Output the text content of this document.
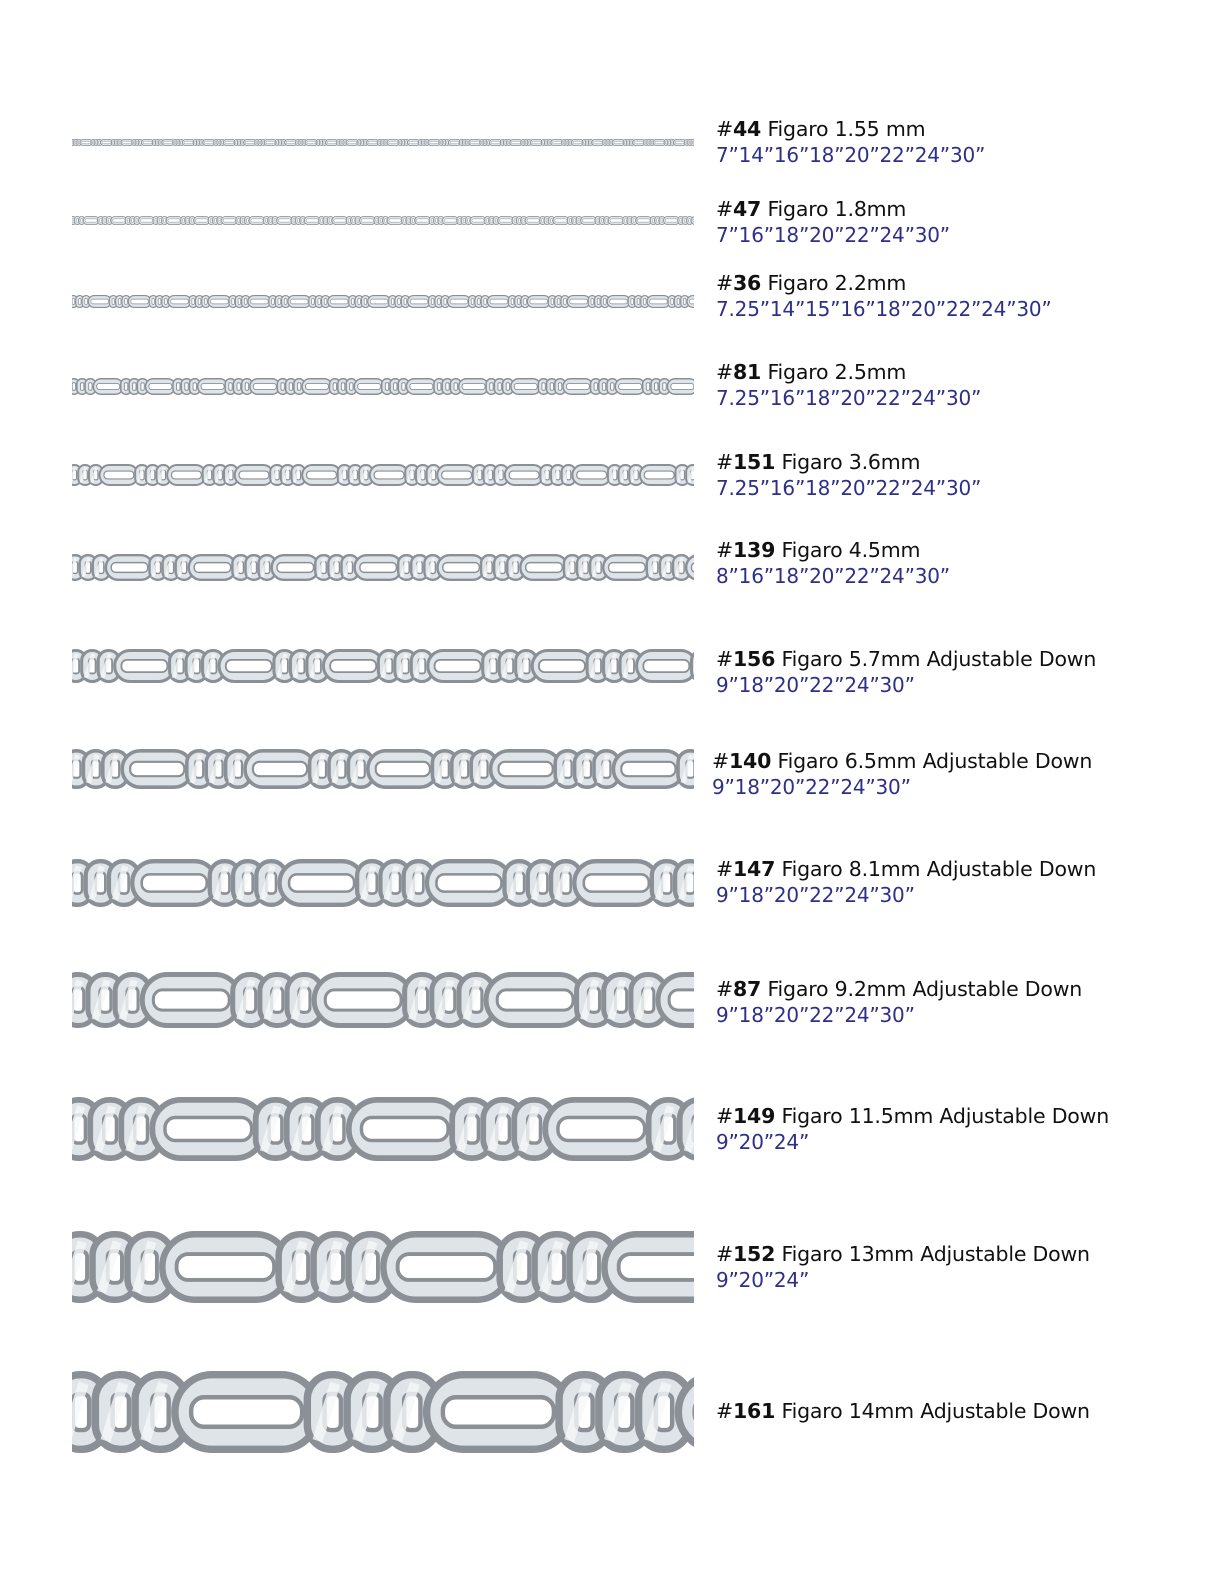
#44 Figaro 1.55 mm
7”14”16”18”20”22”24”30”
#47 Figaro 1.8mm
7”16”18”20”22”24”30”
#36 Figaro 2.2mm
7.25”14”15”16”18”20”22”24”30”
#81 Figaro 2.5mm
7.25”16”18”20”22”24”30”
#151 Figaro 3.6mm
7.25”16”18”20”22”24”30”
#139 Figaro 4.5mm
8”16”18”20”22”24”30”
#156 Figaro 5.7mm Adjustable Down
9”18”20”22”24”30”
#140 Figaro 6.5mm Adjustable Down
9”18”20”22”24”30”
#147 Figaro 8.1mm Adjustable Down
9”18”20”22”24”30”
#87 Figaro 9.2mm Adjustable Down
9”18”20”22”24”30”
#149 Figaro 11.5mm Adjustable Down
9”20”24”
#152 Figaro 13mm Adjustable Down
9”20”24”
#161 Figaro 14mm Adjustable Down
